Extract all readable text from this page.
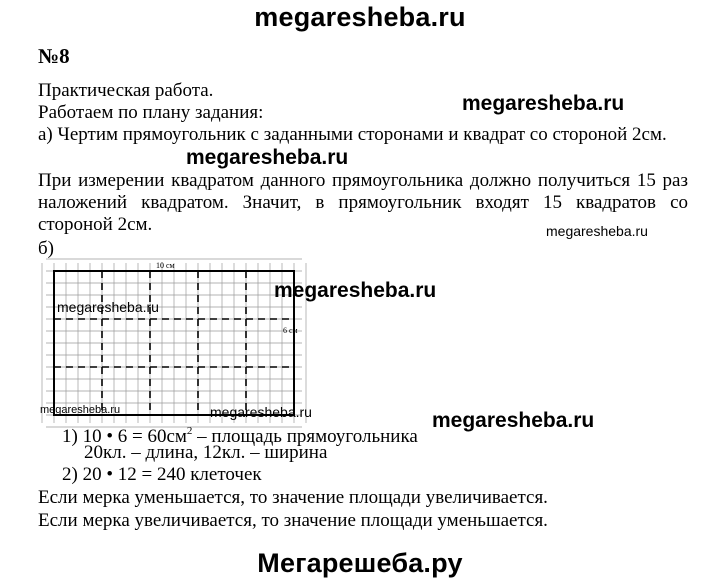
megaresheba.ru
№8
Практическая работа.
Работаем по плану задания:
а) Чертим прямоугольник с заданными сторонами и квадрат со стороной 2см.
При измерении квадратом данного прямоугольника должно получиться 15 раз наложений квадратом. Значит, в прямоугольник входят 15 квадратов со стороной 2см.
б)
megaresheba.ru
megaresheba.ru
megaresheba.ru
10 см
6 см
megaresheba.ru
megaresheba.ru
megaresheba.ru	megaresheba.ru	megaresheba.ru
1) 10 • $6 = 60см^2$ – площадь прямоугольника
20кл. – длина, 12кл. – ширина
2) 20 • 12 = 240 клеточек
Если мерка уменьшается, то значение площади увеличивается.
Если мерка увеличивается, то значение площади уменьшается.
Мегарешеба.ру
